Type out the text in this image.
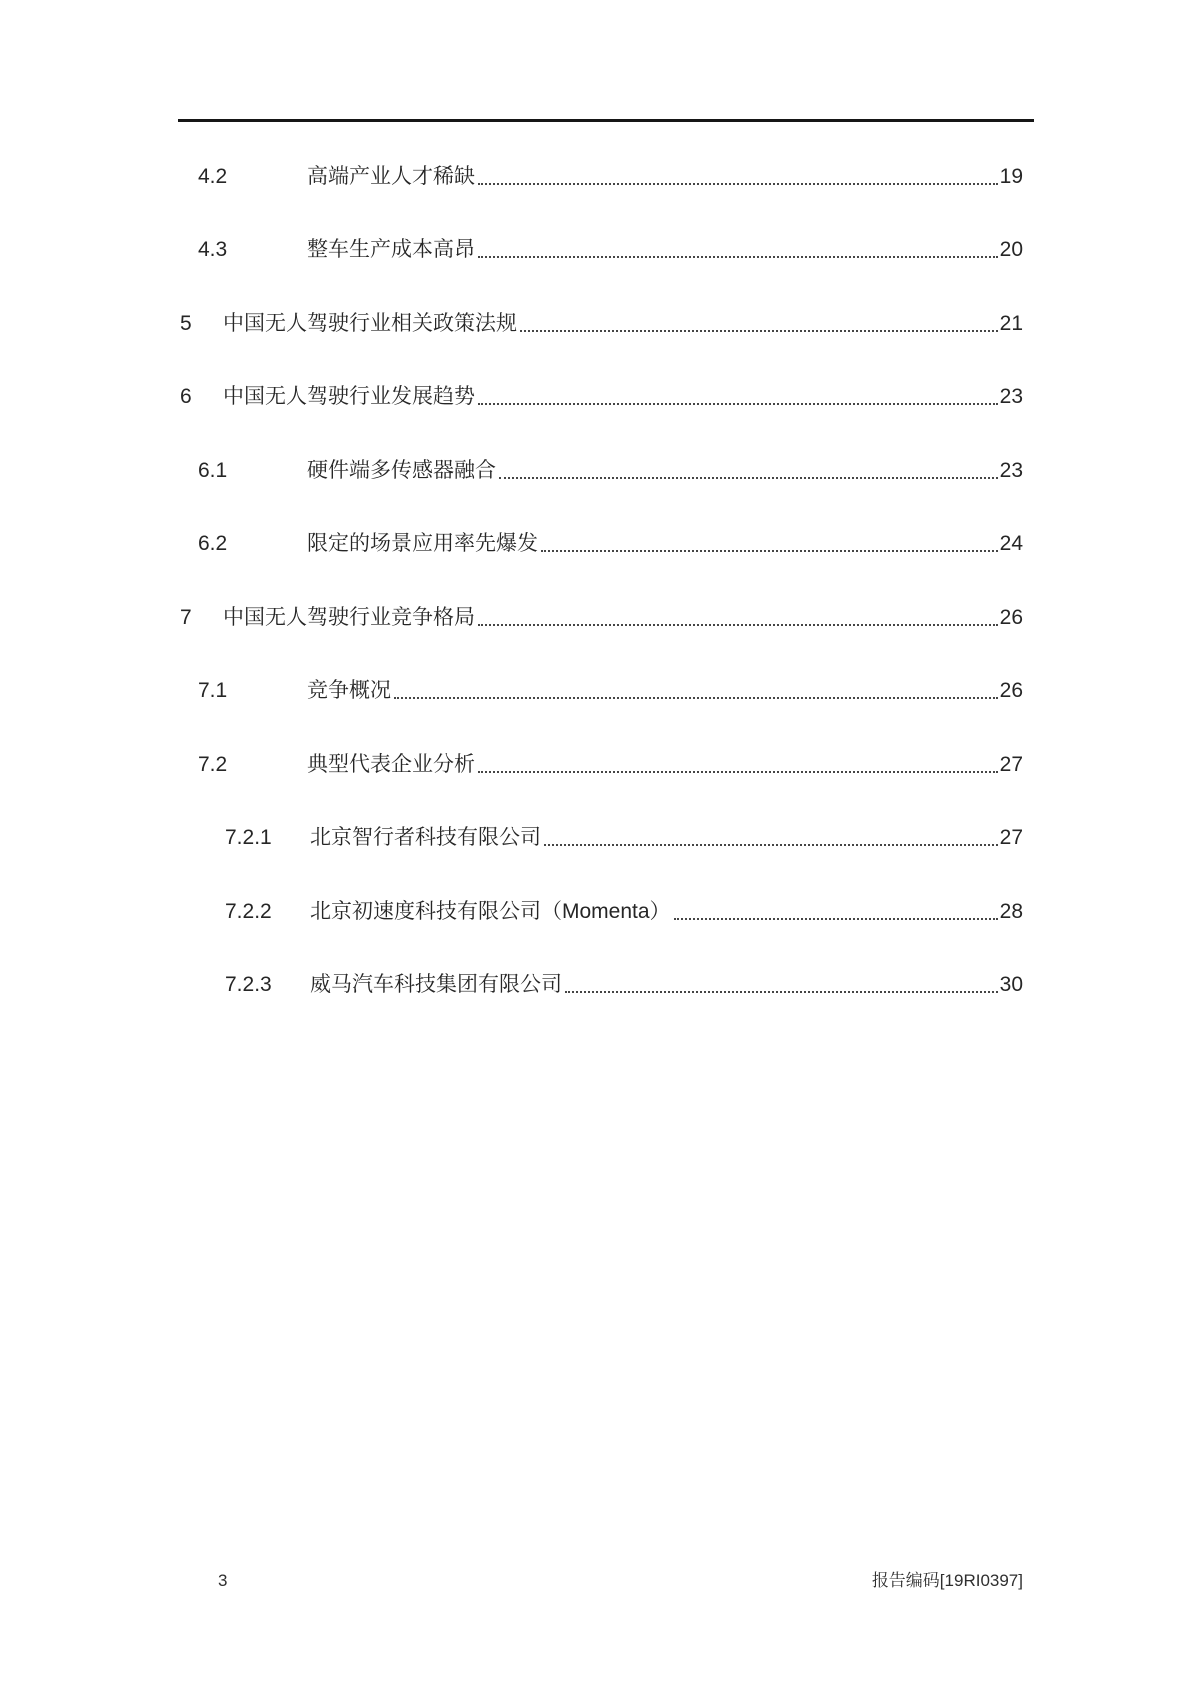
4.2	高端产业人才稀缺	19
4.3	整车生产成本高昂	20
5	中国无人驾驶行业相关政策法规	21
6	中国无人驾驶行业发展趋势	23
6.1	硬件端多传感器融合	23
6.2	限定的场景应用率先爆发	24
7	中国无人驾驶行业竞争格局	26
7.1	竞争概况	26
7.2	典型代表企业分析	27
7.2.1	北京智行者科技有限公司	27
7.2.2	北京初速度科技有限公司（Momenta）	28
7.2.3	威马汽车科技集团有限公司	30
3	报告编码[19RI0397]
